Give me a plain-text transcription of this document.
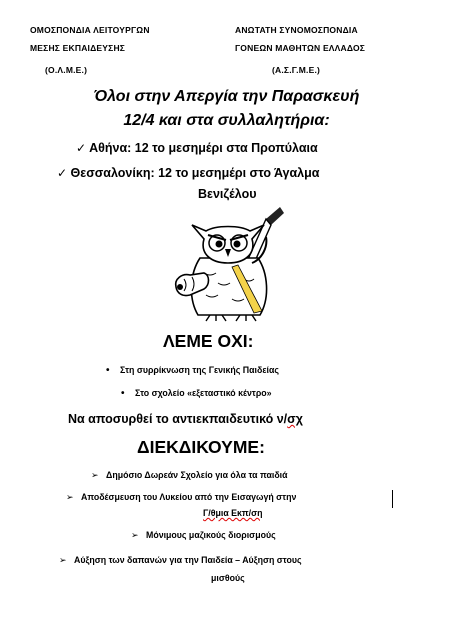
ΟΜΟΣΠΟΝΔΙΑ ΛΕΙΤΟΥΡΓΩΝ
ΜΕΣΗΣ ΕΚΠΑΙΔΕΥΣΗΣ
(Ο.Λ.Μ.Ε.)
ΑΝΩΤΑΤΗ ΣΥΝΟΜΟΣΠΟΝΔΙΑ
ΓΟΝΕΩΝ ΜΑΘΗΤΩΝ ΕΛΛΑΔΟΣ
(Α.Σ.Γ.Μ.Ε.)
Όλοι στην Απεργία την Παρασκευή
12/4 και στα συλλαλητήρια:
✓ Αθήνα: 12 το μεσημέρι στα Προπύλαια
✓ Θεσσαλονίκη: 12 το μεσημέρι στο Άγαλμα
Βενιζέλου
ΛΕΜΕ ΟΧΙ:
• Στη συρρίκνωση της Γενικής Παιδείας
• Στο σχολείο «εξεταστικό κέντρο»
Να αποσυρθεί το αντιεκπαιδευτικό ν/σχ
ΔΙΕΚΔΙΚΟΥΜΕ:
➢ Δημόσιο Δωρεάν Σχολείο για όλα τα παιδιά
➢ Αποδέσμευση του Λυκείου από την Εισαγωγή στην
Γ/θμια Εκπ/ση
➢ Μόνιμους μαζικούς διορισμούς
➢ Αύξηση των δαπανών για την Παιδεία – Αύξηση στους
μισθούς
